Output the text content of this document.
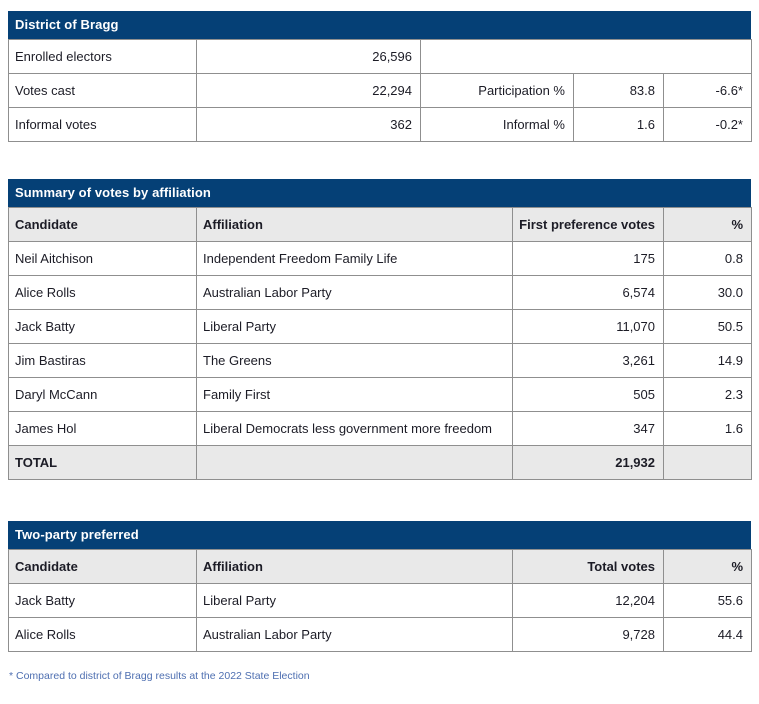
District of Bragg
Enrolled electors	26,596			
Votes cast	22,294	Participation %	83.8	-6.6*
Informal votes	362	Informal %	1.6	-0.2*
Summary of votes by affiliation
Candidate	Affiliation	First preference votes	%
Neil Aitchison	Independent Freedom Family Life	175	0.8
Alice Rolls	Australian Labor Party	6,574	30.0
Jack Batty	Liberal Party	11,070	50.5
Jim Bastiras	The Greens	3,261	14.9
Daryl McCann	Family First	505	2.3
James Hol	Liberal Democrats less government more freedom	347	1.6
TOTAL		21,932	
Two-party preferred
Candidate	Affiliation	Total votes	%
Jack Batty	Liberal Party	12,204	55.6
Alice Rolls	Australian Labor Party	9,728	44.4
* Compared to district of Bragg results at the 2022 State Election
